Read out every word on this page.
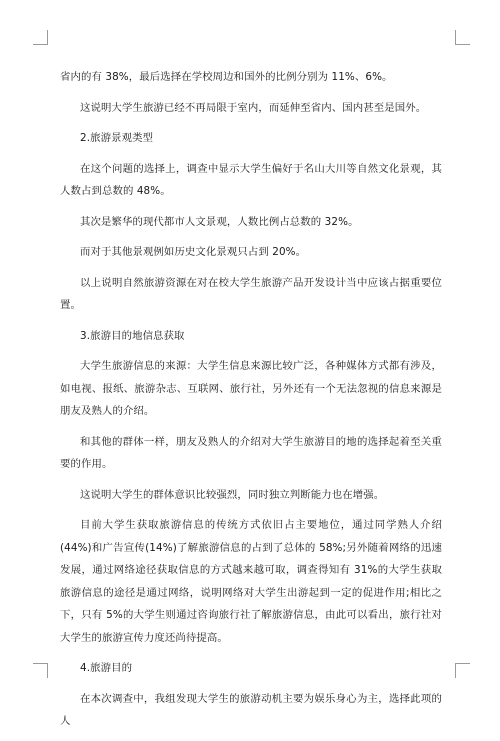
省内的有 38%，最后选择在学校周边和国外的比例分别为 11%、6%。

这说明大学生旅游已经不再局限于室内，而延伸至省内、国内甚至是国外。

2.旅游景观类型

在这个问题的选择上，调查中显示大学生偏好于名山大川等自然文化景观，其人数占到总数的 48%。

其次是繁华的现代都市人文景观，人数比例占总数的 32%。

而对于其他景观例如历史文化景观只占到 20%。

以上说明自然旅游资源在对在校大学生旅游产品开发设计当中应该占据重要位置。

3.旅游目的地信息获取

大学生旅游信息的来源：大学生信息来源比较广泛，各种媒体方式都有涉及，如电视、报纸、旅游杂志、互联网、旅行社，另外还有一个无法忽视的信息来源是朋友及熟人的介绍。

和其他的群体一样，朋友及熟人的介绍对大学生旅游目的地的选择起着至关重要的作用。

这说明大学生的群体意识比较强烈，同时独立判断能力也在增强。

目前大学生获取旅游信息的传统方式依旧占主要地位，通过同学熟人介绍(44%)和广告宣传(14%)了解旅游信息的占到了总体的 58%;另外随着网络的迅速发展，通过网络途径获取信息的方式越来越可取，调查得知有 31%的大学生获取旅游信息的途径是通过网络，说明网络对大学生出游起到一定的促进作用;相比之下，只有 5%的大学生则通过咨询旅行社了解旅游信息，由此可以看出，旅行社对大学生的旅游宣传力度还尚待提高。

4.旅游目的

在本次调查中，我组发现大学生的旅游动机主要为娱乐身心为主，选择此项的人
